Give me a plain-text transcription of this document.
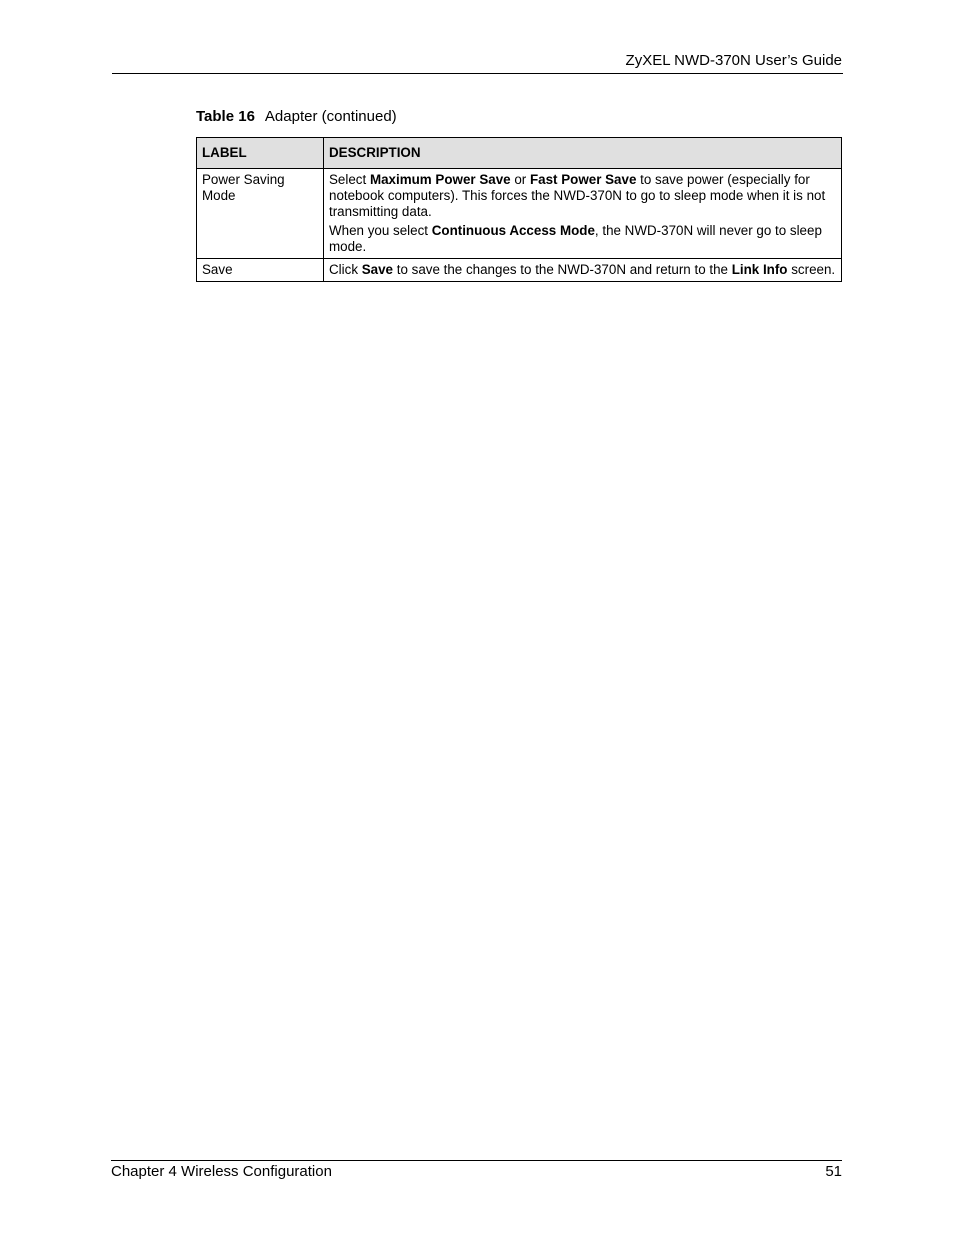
ZyXEL NWD-370N User’s Guide
Table 16 Adapter (continued)
LABEL	DESCRIPTION
Power Saving Mode	Select Maximum Power Save or Fast Power Save to save power (especially for notebook computers). This forces the NWD-370N to go to sleep mode when it is not transmitting data.

When you select Continuous Access Mode, the NWD-370N will never go to sleep mode.

Save	Click Save to save the changes to the NWD-370N and return to the Link Info screen.

Chapter 4 Wireless Configuration	51
